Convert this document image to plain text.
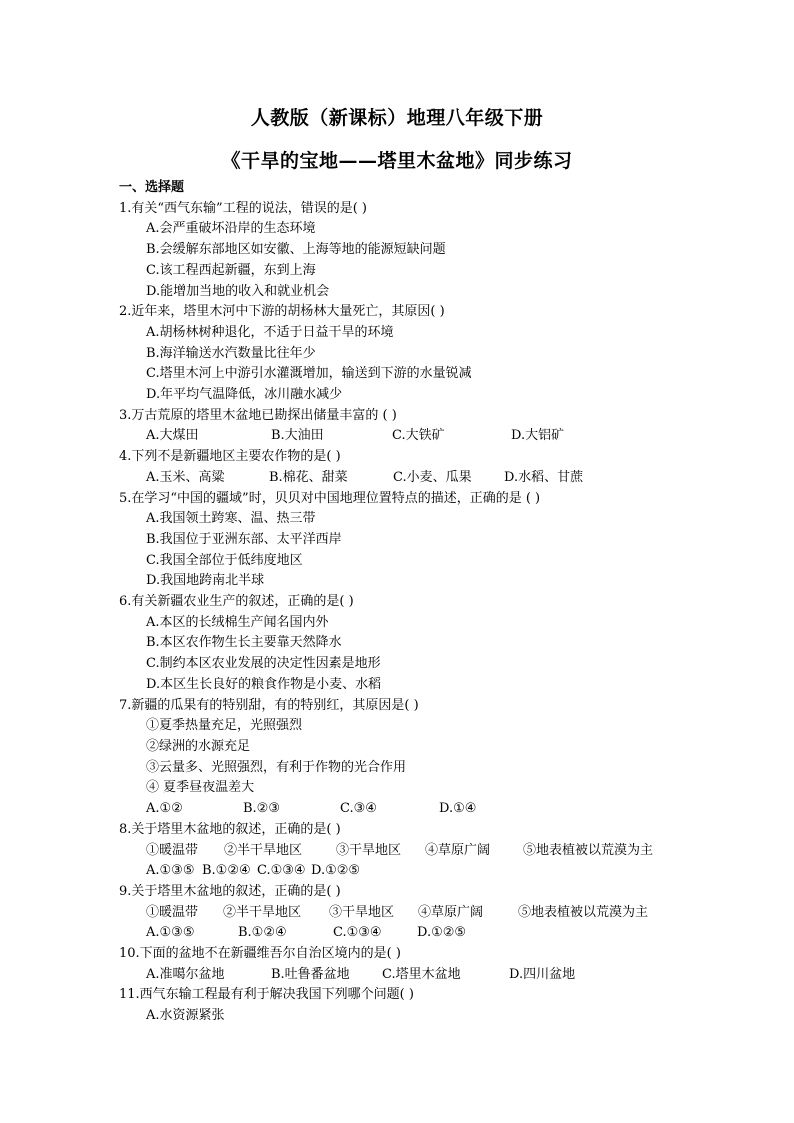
人教版（新课标）地理八年级下册
《干旱的宝地——塔里木盆地》同步练习
一、选择题
1.有关“西气东输”工程的说法，错误的是( )
A.会严重破坏沿岸的生态环境
B.会缓解东部地区如安徽、上海等地的能源短缺问题
C.该工程西起新疆，东到上海
D.能增加当地的收入和就业机会
2.近年来，塔里木河中下游的胡杨林大量死亡，其原因( )
A.胡杨林树种退化，不适于日益干旱的环境
B.海洋输送水汽数量比往年少
C.塔里木河上中游引水灌溉增加，输送到下游的水量锐减
D.年平均气温降低，冰川融水减少
3.万古荒原的塔里木盆地已勘探出储量丰富的 ( )
A.大煤田	B.大油田	C.大铁矿	D.大铝矿
4.下列不是新疆地区主要农作物的是( )
A.玉米、高粱	B.棉花、甜菜	C.小麦、瓜果	D.水稻、甘蔗
5.在学习“中国的疆域”时，贝贝对中国地理位置特点的描述，正确的是 ( )
A.我国领土跨寒、温、热三带
B.我国位于亚洲东部、太平洋西岸
C.我国全部位于低纬度地区
D.我国地跨南北半球
6.有关新疆农业生产的叙述，正确的是( )
A.本区的长绒棉生产闻名国内外
B.本区农作物生长主要靠天然降水
C.制约本区农业发展的决定性因素是地形
D.本区生长良好的粮食作物是小麦、水稻
7.新疆的瓜果有的特别甜，有的特别红，其原因是( )
①夏季热量充足，光照强烈
②绿洲的水源充足
③云量多、光照强烈，有利于作物的光合作用
④ 夏季昼夜温差大
A.①②	B.②③	C.③④	D.①④
8.关于塔里木盆地的叙述，正确的是( )
①暖温带	②半干旱地区	③干旱地区	④草原广阔	⑤地表植被以荒漠为主
A.①③⑤ B.①②④ C.①③④ D.①②⑤
9.关于塔里木盆地的叙述，正确的是( )
①暖温带	②半干旱地区	③干旱地区	④草原广阔	⑤地表植被以荒漠为主
A.①③⑤	B.①②④	C.①③④	D.①②⑤
10.下面的盆地不在新疆维吾尔自治区境内的是( )
A.准噶尔盆地	B.吐鲁番盆地	C.塔里木盆地	D.四川盆地
11.西气东输工程最有利于解决我国下列哪个问题( )
A.水资源紧张
